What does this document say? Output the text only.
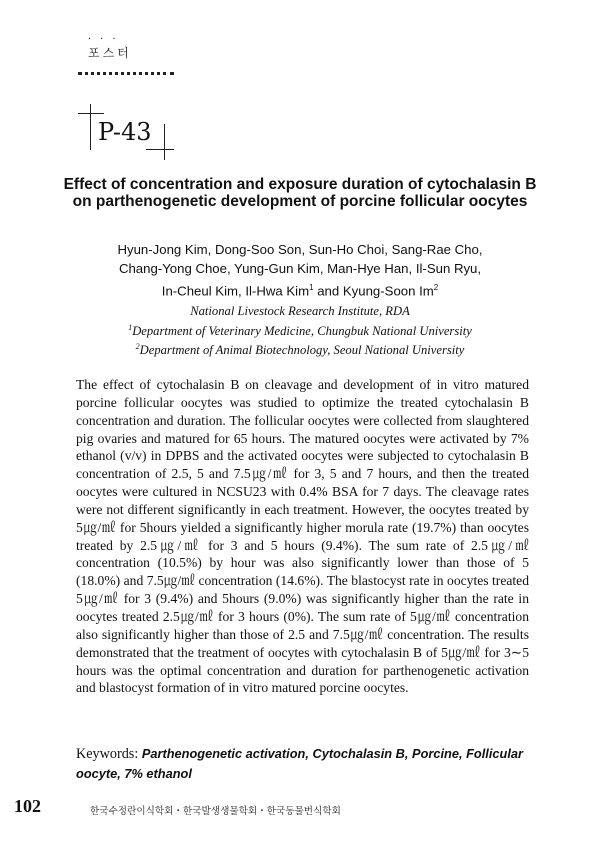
···
포스터
P-43
Effect of concentration and exposure duration of cytochalasin B on parthenogenetic development of porcine follicular oocytes
Hyun-Jong Kim, Dong-Soo Son, Sun-Ho Choi, Sang-Rae Cho,
Chang-Yong Choe, Yung-Gun Kim, Man-Hye Han, Il-Sun Ryu,
In-Cheul Kim, Il-Hwa Kim$^1$ and Kyung-Soon Im$^2$
National Livestock Research Institute, RDA
$^1$Department of Veterinary Medicine, Chungbuk National University
$^2$Department of Animal Biotechnology, Seoul National University
The effect of cytochalasin B on cleavage and development of in vitro matured porcine follicular oocytes was studied to optimize the treated cytochalasin B concentration and duration. The follicular oocytes were collected from slaughtered pig ovaries and matured for 65 hours. The matured oocytes were activated by 7% ethanol (v/v) in DPBS and the activated oocytes were subjected to cytochalasin B concentration of 2.5, 5 and 7.5㎍/㎖ for 3, 5 and 7 hours, and then the treated oocytes were cultured in NCSU23 with 0.4% BSA for 7 days. The cleavage rates were not different significantly in each treatment. However, the oocytes treated by 5㎍/㎖ for 5hours yielded a significantly higher morula rate (19.7%) than oocytes treated by 2.5㎍/㎖ for 3 and 5 hours (9.4%). The sum rate of 2.5㎍/㎖ concentration (10.5%) by hour was also significantly lower than those of 5 (18.0%) and 7.5㎍/㎖ concentration (14.6%). The blastocyst rate in oocytes treated 5㎍/㎖ for 3 (9.4%) and 5hours (9.0%) was significantly higher than the rate in oocytes treated 2.5㎍/㎖ for 3 hours (0%). The sum rate of 5㎍/㎖ concentration also significantly higher than those of 2.5 and 7.5㎍/㎖ concentration. The results demonstrated that the treatment of oocytes with cytochalasin B of 5㎍/㎖ for 3∼5 hours was the optimal concentration and duration for parthenogenetic activation and blastocyst formation of in vitro matured porcine oocytes.
Keywords: Parthenogenetic activation, Cytochalasin B, Porcine, Follicular oocyte, 7% ethanol
102	한국수정란이식학회・한국발생생물학회・한국동물번식학회
